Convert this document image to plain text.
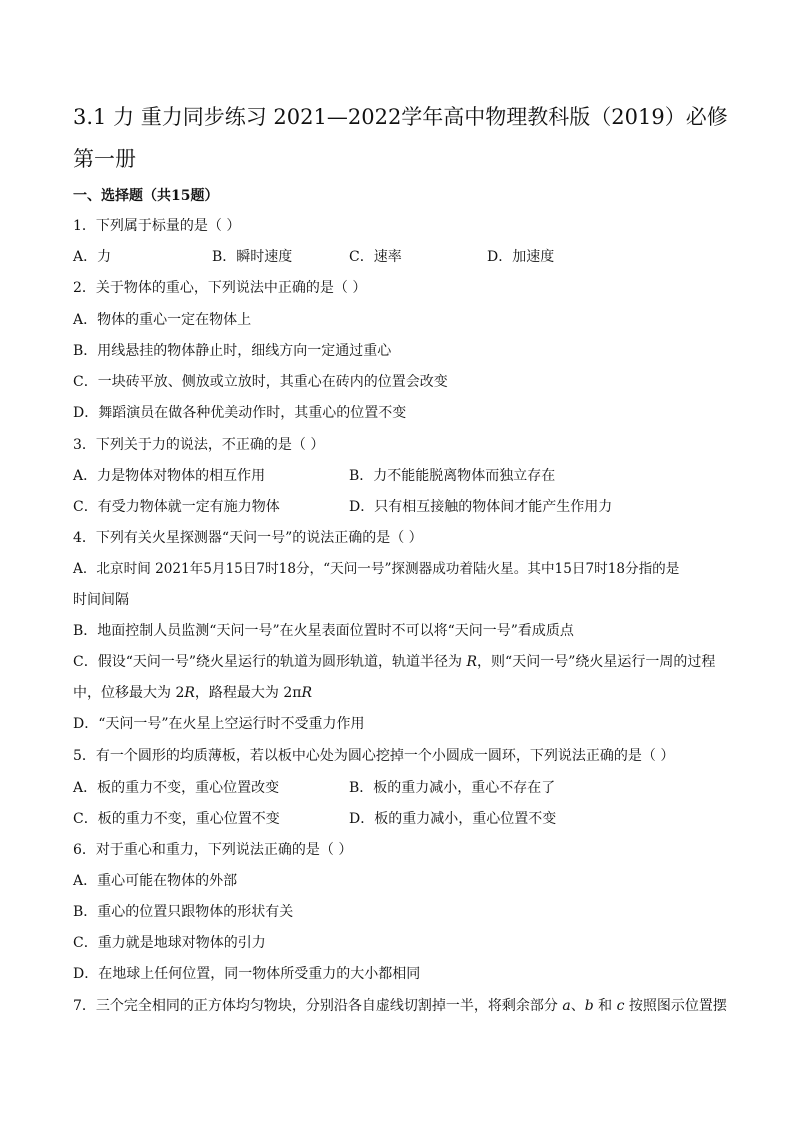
3.1 力 重力同步练习 2021—2022学年高中物理教科版（2019）必修
第一册
一、选择题（共15题）
1．下列属于标量的是（ ）
A．力	B．瞬时速度	C．速率	D．加速度
2．关于物体的重心，下列说法中正确的是（ ）
A．物体的重心一定在物体上
B．用线悬挂的物体静止时，细线方向一定通过重心
C．一块砖平放、侧放或立放时，其重心在砖内的位置会改变
D．舞蹈演员在做各种优美动作时，其重心的位置不变
3．下列关于力的说法，不正确的是（ ）
A．力是物体对物体的相互作用	B．力不能能脱离物体而独立存在
C．有受力物体就一定有施力物体	D．只有相互接触的物体间才能产生作用力
4．下列有关火星探测器“天问一号”的说法正确的是（ ）
A．北京时间 2021年5月15日7时18分，“天问一号”探测器成功着陆火星。其中15日7时18分指的是
时间间隔
B．地面控制人员监测“天问一号”在火星表面位置时不可以将“天问一号”看成质点
C．假设“天问一号”绕火星运行的轨道为圆形轨道，轨道半径为 R，则“天问一号”绕火星运行一周的过程
中，位移最大为 2R，路程最大为 2πR
D．“天问一号”在火星上空运行时不受重力作用
5．有一个圆形的均质薄板，若以板中心处为圆心挖掉一个小圆成一圆环，下列说法正确的是（ ）
A．板的重力不变，重心位置改变	B．板的重力减小，重心不存在了
C．板的重力不变，重心位置不变	D．板的重力减小，重心位置不变
6．对于重心和重力，下列说法正确的是（ ）
A．重心可能在物体的外部
B．重心的位置只跟物体的形状有关
C．重力就是地球对物体的引力
D．在地球上任何位置，同一物体所受重力的大小都相同
7．三个完全相同的正方体均匀物块，分别沿各自虚线切割掉一半，将剩余部分 a、b 和 c 按照图示位置摆
